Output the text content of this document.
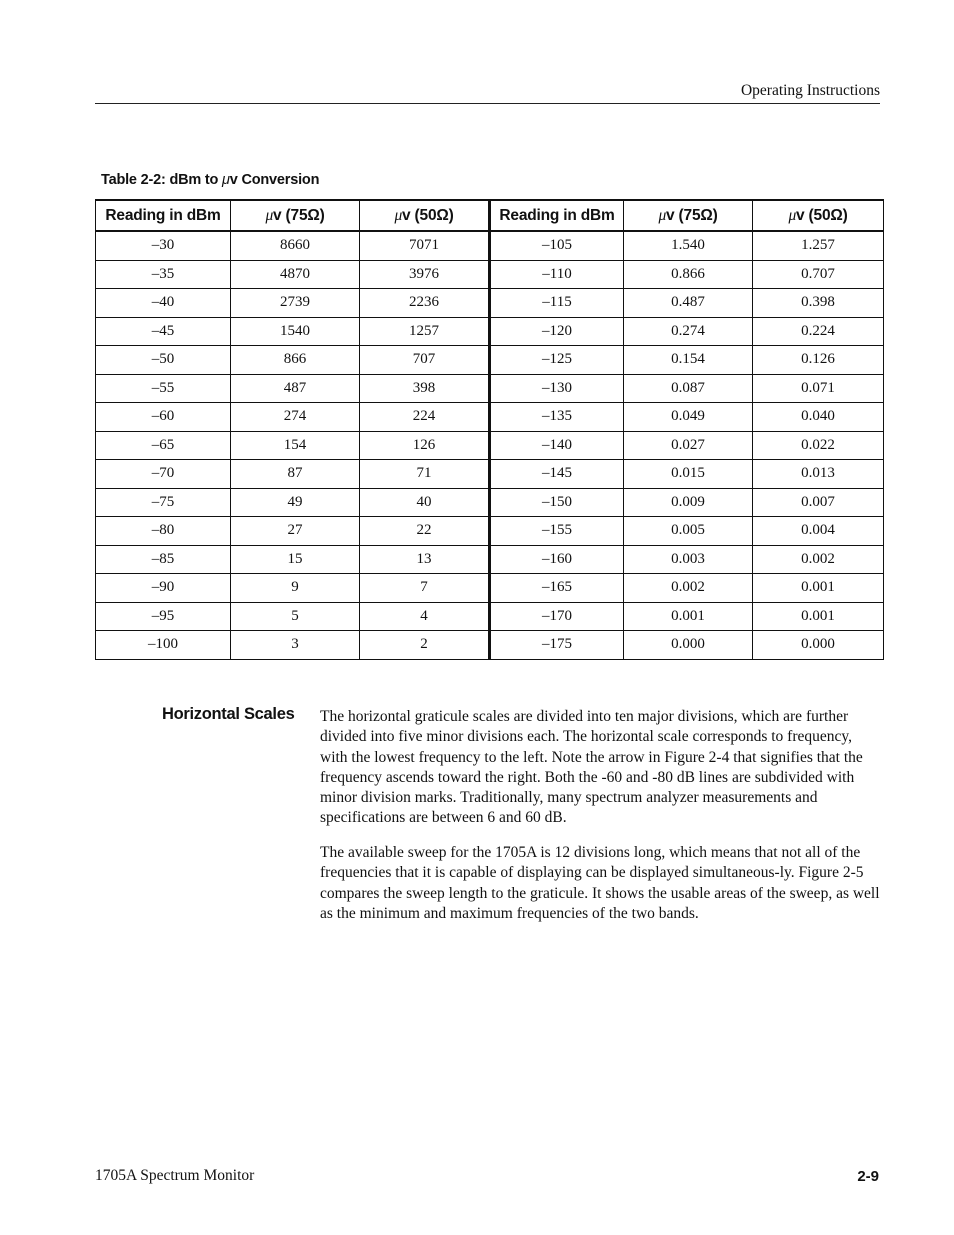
Operating Instructions
Table 2-2: dBm to μv Conversion
Reading in dBm	μv (75Ω)	μv (50Ω)	Reading in dBm	μv (75Ω)	μv (50Ω)
–30	8660	7071	–105	1.540	1.257
–35	4870	3976	–110	0.866	0.707
–40	2739	2236	–115	0.487	0.398
–45	1540	1257	–120	0.274	0.224
–50	866	707	–125	0.154	0.126
–55	487	398	–130	0.087	0.071
–60	274	224	–135	0.049	0.040
–65	154	126	–140	0.027	0.022
–70	87	71	–145	0.015	0.013
–75	49	40	–150	0.009	0.007
–80	27	22	–155	0.005	0.004
–85	15	13	–160	0.003	0.002
–90	9	7	–165	0.002	0.001
–95	5	4	–170	0.001	0.001
–100	3	2	–175	0.000	0.000
Horizontal Scales The horizontal graticule scales are divided into ten major divisions, which are further divided into five minor divisions each. The horizontal scale corresponds to frequency, with the lowest frequency to the left. Note the arrow in Figure 2-4 that signifies that the frequency ascends toward the right. Both the -60 and -80 dB lines are subdivided with minor division marks. Traditionally, many spectrum analyzer measurements and specifications are between 6 and 60 dB.

The available sweep for the 1705A is 12 divisions long, which means that not all of the frequencies that it is capable of displaying can be displayed simultaneous-ly. Figure 2-5 compares the sweep length to the graticule. It shows the usable areas of the sweep, as well as the minimum and maximum frequencies of the two bands.

1705A Spectrum Monitor	2-9
